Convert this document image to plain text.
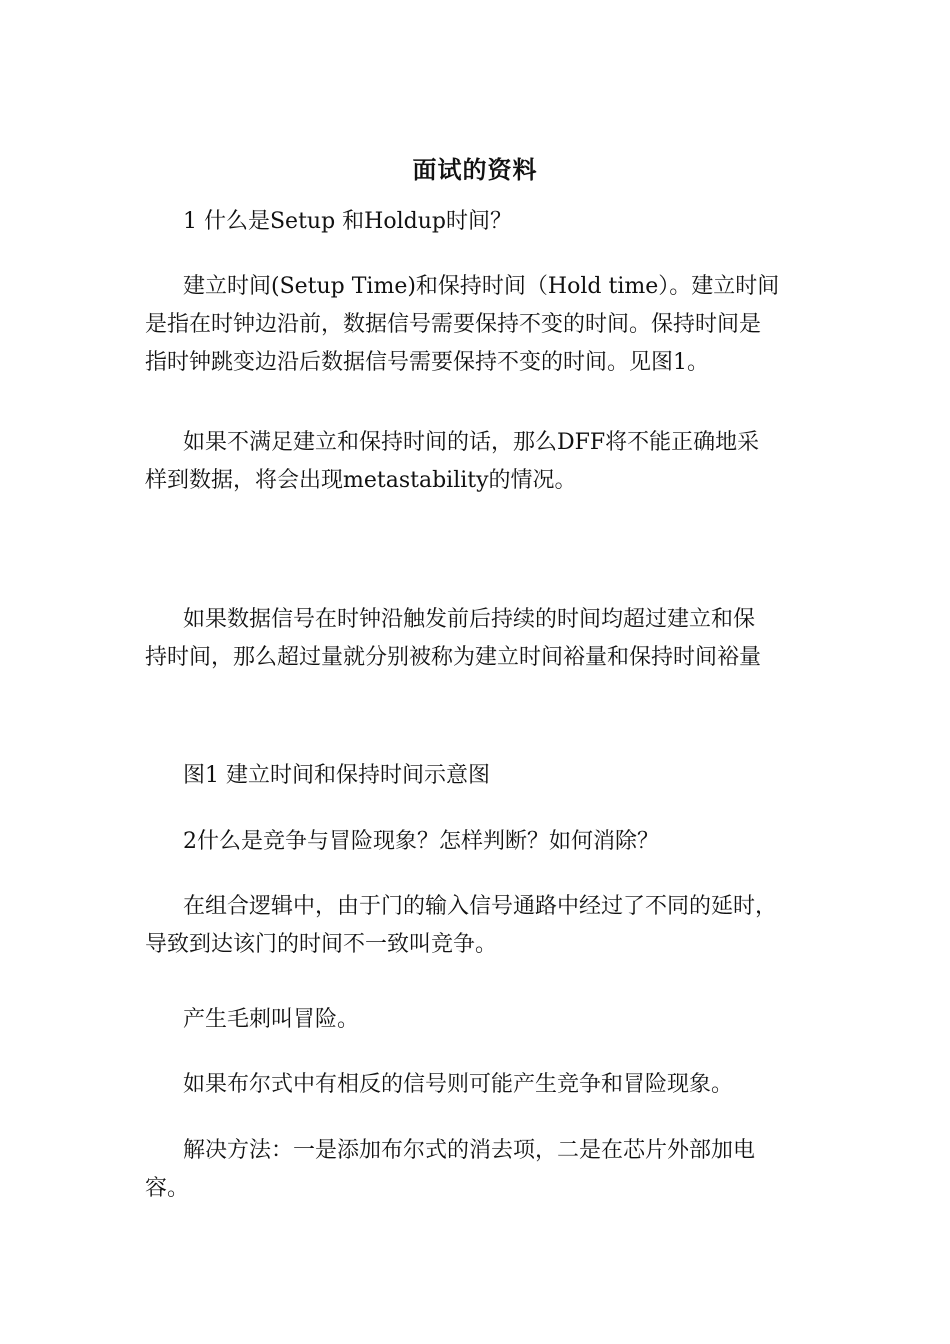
面试的资料
1 什么是Setup 和Holdup时间？
建立时间(Setup Time)和保持时间（Hold time）。建立时间
是指在时钟边沿前，数据信号需要保持不变的时间。保持时间是
指时钟跳变边沿后数据信号需要保持不变的时间。见图1。
如果不满足建立和保持时间的话，那么DFF将不能正确地采
样到数据，将会出现metastability的情况。
如果数据信号在时钟沿触发前后持续的时间均超过建立和保
持时间，那么超过量就分别被称为建立时间裕量和保持时间裕量
图1 建立时间和保持时间示意图
2什么是竞争与冒险现象？怎样判断？如何消除？
在组合逻辑中，由于门的输入信号通路中经过了不同的延时，
导致到达该门的时间不一致叫竞争。
产生毛刺叫冒险。
如果布尔式中有相反的信号则可能产生竞争和冒险现象。
解决方法：一是添加布尔式的消去项，二是在芯片外部加电
容。
